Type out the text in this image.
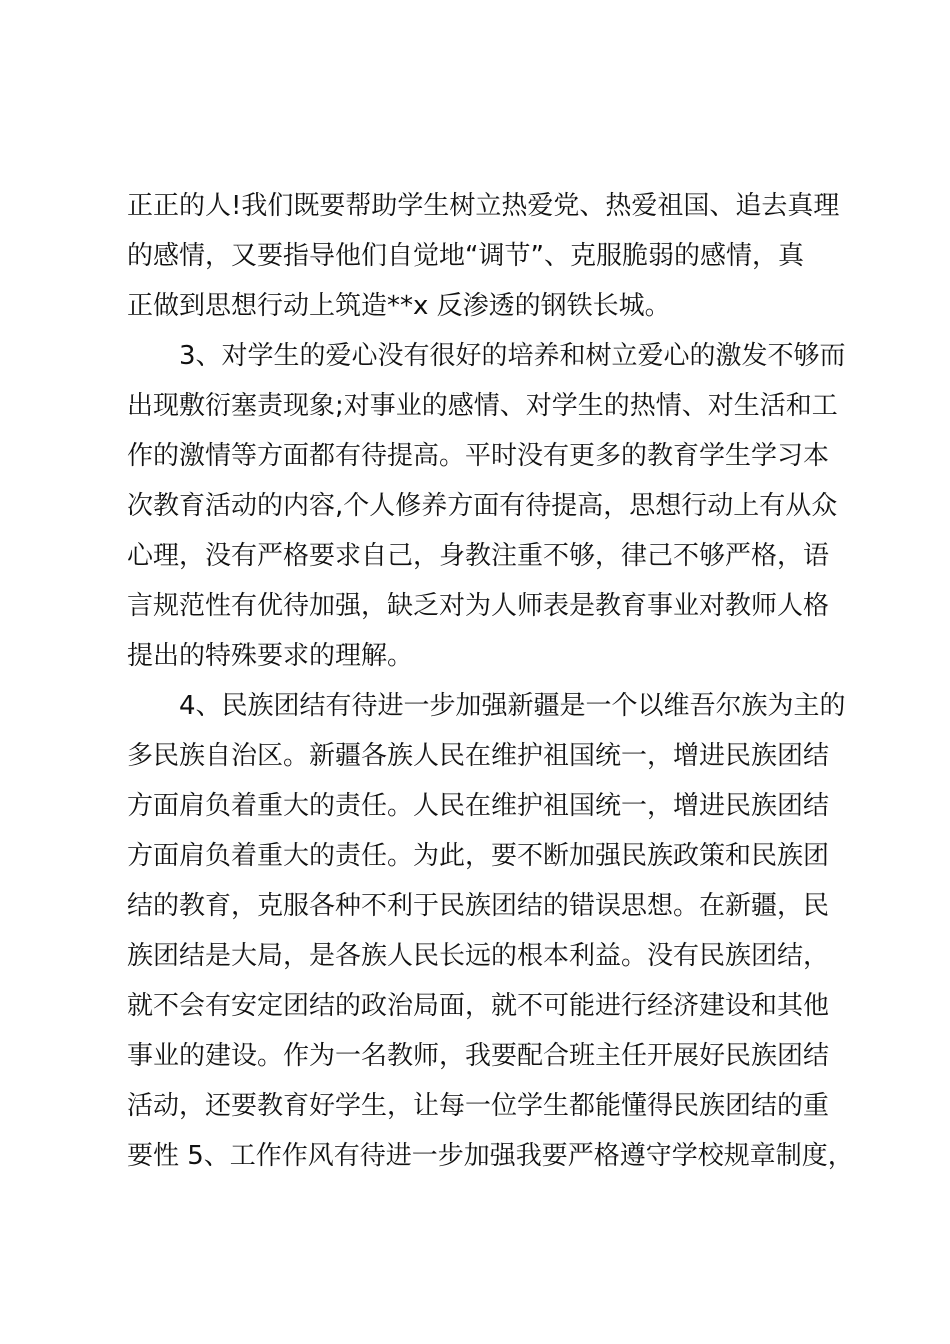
正正的人!我们既要帮助学生树立热爱党、热爱祖国、追去真理
的感情，又要指导他们自觉地“调节”、克服脆弱的感情，真
正做到思想行动上筑造**x 反渗透的钢铁长城。
3、对学生的爱心没有很好的培养和树立爱心的激发不够而
出现敷衍塞责现象;对事业的感情、对学生的热情、对生活和工
作的激情等方面都有待提高。平时没有更多的教育学生学习本
次教育活动的内容,个人修养方面有待提高，思想行动上有从众
心理，没有严格要求自己，身教注重不够，律己不够严格，语
言规范性有优待加强，缺乏对为人师表是教育事业对教师人格
提出的特殊要求的理解。
4、民族团结有待进一步加强新疆是一个以维吾尔族为主的
多民族自治区。新疆各族人民在维护祖国统一，增进民族团结
方面肩负着重大的责任。人民在维护祖国统一，增进民族团结
方面肩负着重大的责任。为此，要不断加强民族政策和民族团
结的教育，克服各种不利于民族团结的错误思想。在新疆，民
族团结是大局，是各族人民长远的根本利益。没有民族团结，
就不会有安定团结的政治局面，就不可能进行经济建设和其他
事业的建设。作为一名教师，我要配合班主任开展好民族团结
活动，还要教育好学生，让每一位学生都能懂得民族团结的重
要性 5、工作作风有待进一步加强我要严格遵守学校规章制度，
